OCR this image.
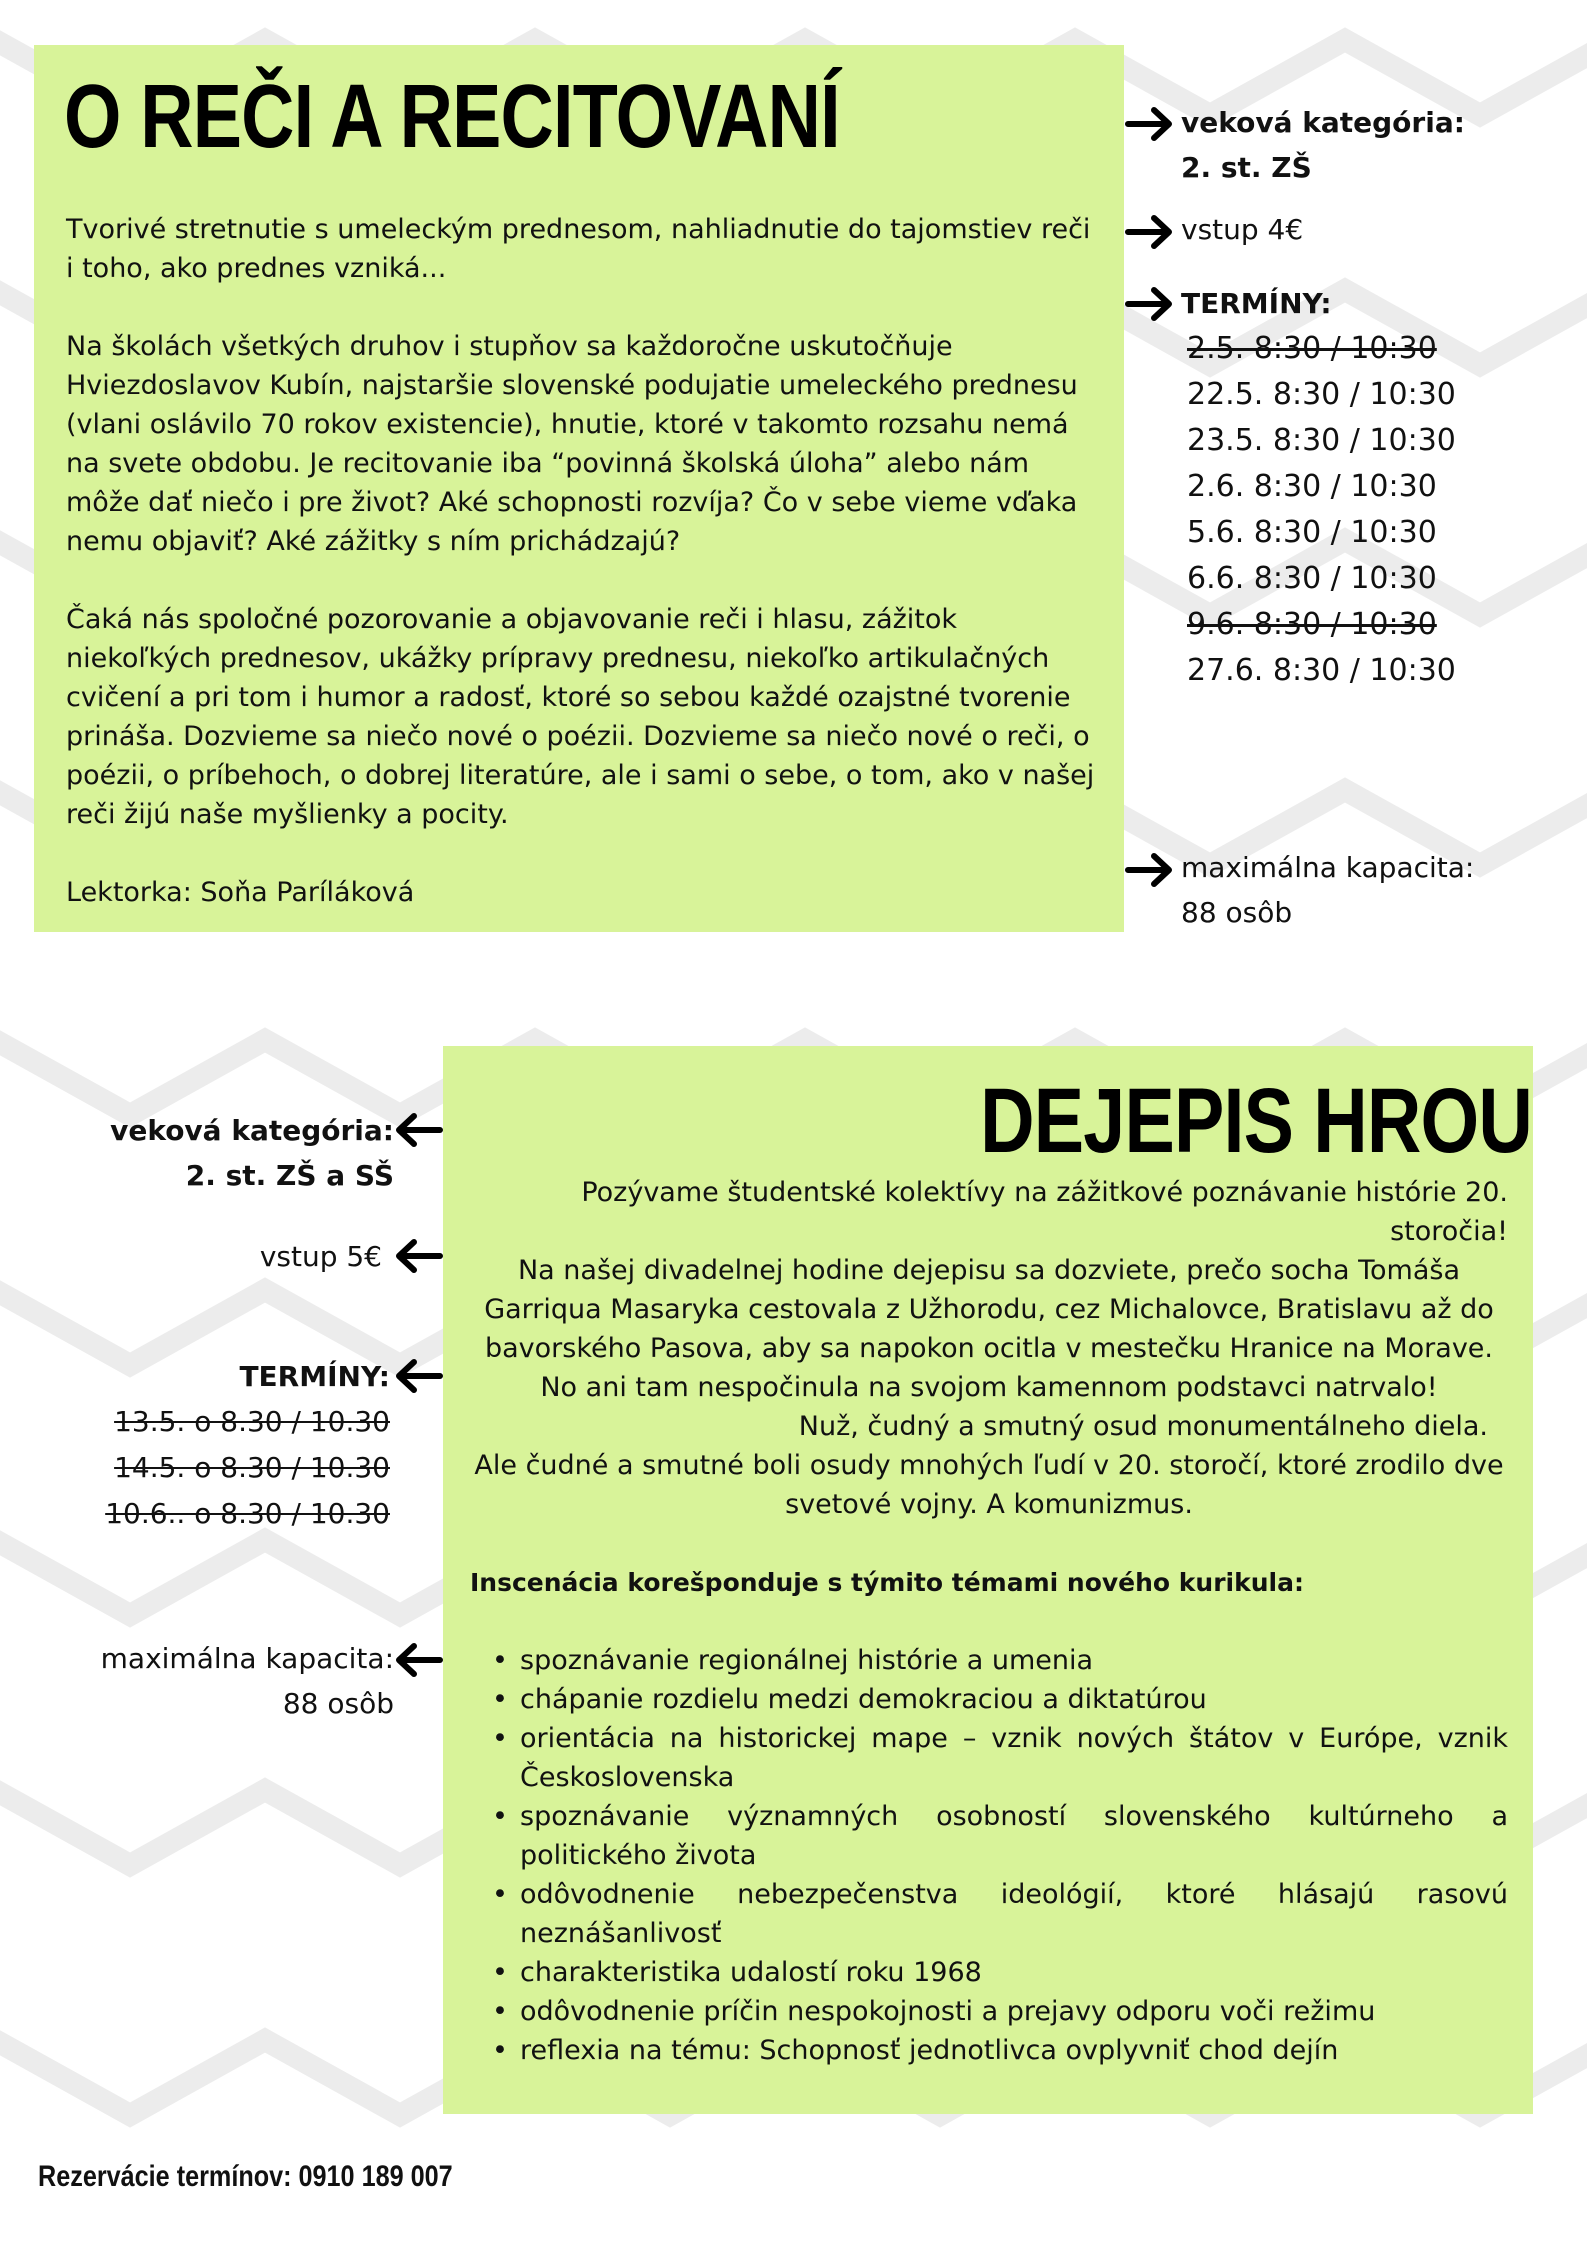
O REČI A RECITOVANÍ

Tvorivé stretnutie s umeleckým prednesom, nahliadnutie do tajomstiev reči i toho, ako prednes vzniká...

Na školách všetkých druhov i stupňov sa každoročne uskutočňuje Hviezdoslavov Kubín, najstaršie slovenské podujatie umeleckého prednesu (vlani oslávilo 70 rokov existencie), hnutie, ktoré v takomto rozsahu nemá na svete obdobu. Je recitovanie iba “povinná školská úloha” alebo nám môže dať niečo i pre život? Aké schopnosti rozvíja? Čo v sebe vieme vďaka nemu objaviť? Aké zážitky s ním prichádzajú?

Čaká nás spoločné pozorovanie a objavovanie reči i hlasu, zážitok niekoľkých prednesov, ukážky prípravy prednesu, niekoľko artikulačných cvičení a pri tom i humor a radosť, ktoré so sebou každé ozajstné tvorenie prináša. Dozvieme sa niečo nové o poézii. Dozvieme sa niečo nové o reči, o poézii, o príbehoch, o dobrej literatúre, ale i sami o sebe, o tom, ako v našej reči žijú naše myšlienky a pocity.

Lektorka: Soňa Paríláková

veková kategória:
2. st. ZŠ
vstup 4€
TERMÍNY:
2.5. 8:30 / 10:30
22.5. 8:30 / 10:30
23.5. 8:30 / 10:30
2.6. 8:30 / 10:30
5.6. 8:30 / 10:30
6.6. 8:30 / 10:30
9.6. 8:30 / 10:30
27.6. 8:30 / 10:30
maximálna kapacita:
88 osôb
DEJEPIS HROU

Pozývame študentské kolektívy na zážitkové poznávanie histórie 20. storočia!

Na našej divadelnej hodine dejepisu sa dozviete, prečo socha Tomáša Garriqua Masaryka cestovala z Užhorodu, cez Michalovce, Bratislavu až do bavorského Pasova, aby sa napokon ocitla v mestečku Hranice na Morave. No ani tam nespočinula na svojom kamennom podstavci natrvalo!

Nuž, čudný a smutný osud monumentálneho diela.

Ale čudné a smutné boli osudy mnohých ľudí v 20. storočí, ktoré zrodilo dve svetové vojny. A komunizmus.

Inscenácia korešponduje s týmito témami nového kurikula:

• spoznávanie regionálnej histórie a umenia
• chápanie rozdielu medzi demokraciou a diktatúrou
• orientácia na historickej mape – vznik nových štátov v Európe, vznik Československa
• spoznávanie významných osobností slovenského kultúrneho a politického života
• odôvodnenie nebezpečenstva ideológií, ktoré hlásajú rasovú neznášanlivosť
• charakteristika udalostí roku 1968
• odôvodnenie príčin nespokojnosti a prejavy odporu voči režimu
• reflexia na tému: Schopnosť jednotlivca ovplyvniť chod dejín
veková kategória:
2. st. ZŠ a SŠ
vstup 5€
TERMÍNY:
13.5. o 8.30 / 10.30
14.5. o 8.30 / 10.30
10.6.. o 8.30 / 10.30
maximálna kapacita:
88 osôb
Rezervácie termínov: 0910 189 007
